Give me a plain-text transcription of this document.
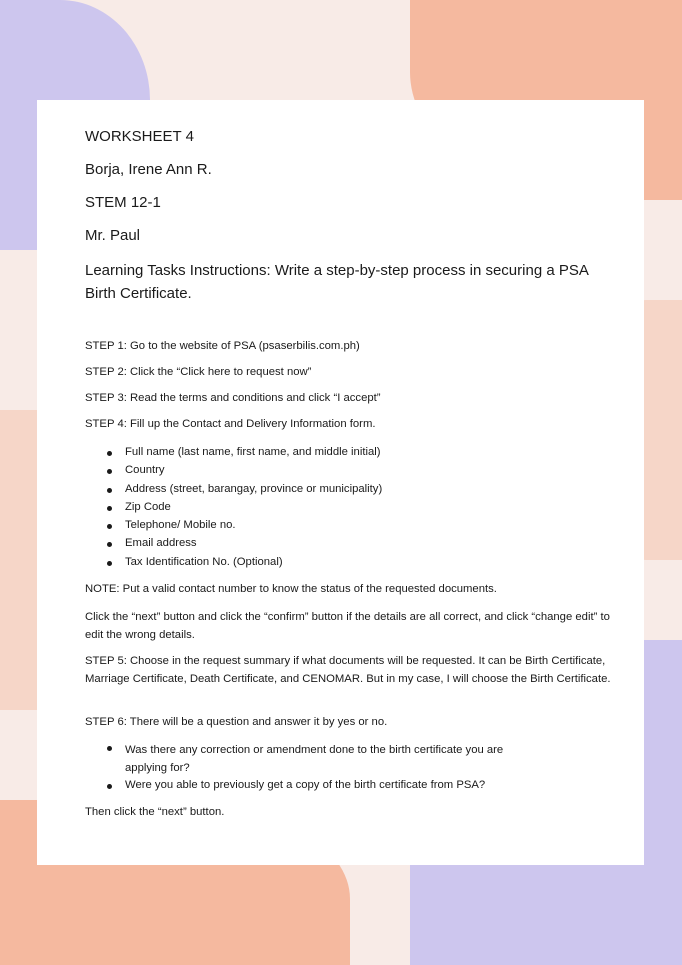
WORKSHEET 4
Borja, Irene Ann R.
STEM 12-1
Mr. Paul
Learning Tasks Instructions: Write a step-by-step process in securing a PSA Birth Certificate.
STEP 1: Go to the website of PSA (psaserbilis.com.ph)
STEP 2: Click the “Click here to request now”
STEP 3: Read the terms and conditions and click “I accept”
STEP 4: Fill up the Contact and Delivery Information form.
Full name (last name, first name, and middle initial)
Country
Address (street, barangay, province or municipality)
Zip Code
Telephone/ Mobile no.
Email address
Tax Identification No. (Optional)
NOTE: Put a valid contact number to know the status of the requested documents.
Click the “next” button and click the “confirm” button if the details are all correct, and click “change edit” to edit the wrong details.
STEP 5: Choose in the request summary if what documents will be requested. It can be Birth Certificate, Marriage Certificate, Death Certificate, and CENOMAR. But in my case, I will choose the Birth Certificate.
STEP 6: There will be a question and answer it by yes or no.
Was there any correction or amendment done to the birth certificate you are applying for?
Were you able to previously get a copy of the birth certificate from PSA?
Then click the “next” button.
